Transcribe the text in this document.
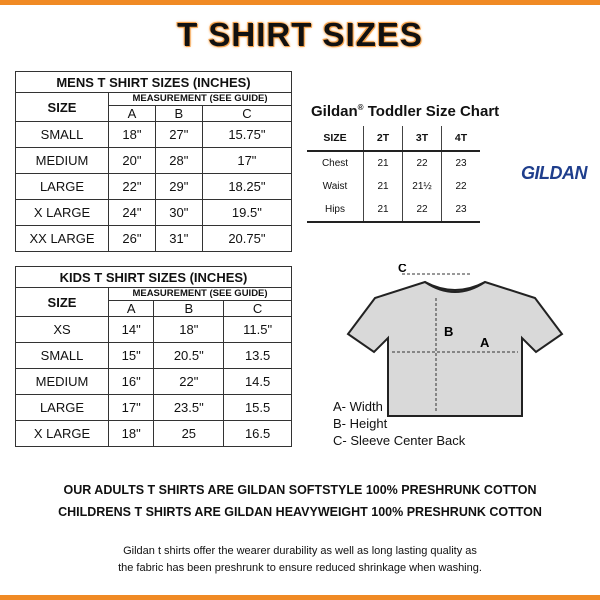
T SHIRT SIZES
MENS T SHIRT SIZES (INCHES)			
SIZE	MEASUREMENT (SEE GUIDE)		
	A	B	C
SMALL	18"	27"	15.75"
MEDIUM	20"	28"	17"
LARGE	22"	29"	18.25"
X LARGE	24"	30"	19.5"
XX LARGE	26"	31"	20.75"
KIDS T SHIRT SIZES (INCHES)			
SIZE	MEASUREMENT (SEE GUIDE)		
	A	B	C
XS	14"	18"	11.5"
SMALL	15"	20.5"	13.5
MEDIUM	16"	22"	14.5
LARGE	17"	23.5"	15.5
X LARGE	18"	25	16.5
Gildan® Toddler Size Chart
SIZE	2T	3T	4T
Chest	21	22	23
Waist	21	21½	22
Hips	21	22	23
GILDAN
A
B
C
A- Width
B- Height
C- Sleeve Center Back
OUR ADULTS T SHIRTS ARE GILDAN SOFTSTYLE 100% PRESHRUNK COTTON
CHILDRENS T SHIRTS ARE GILDAN HEAVYWEIGHT 100% PRESHRUNK COTTON
Gildan t shirts offer the wearer durability as well as long lasting quality as
the fabric has been preshrunk to ensure reduced shrinkage when washing.
